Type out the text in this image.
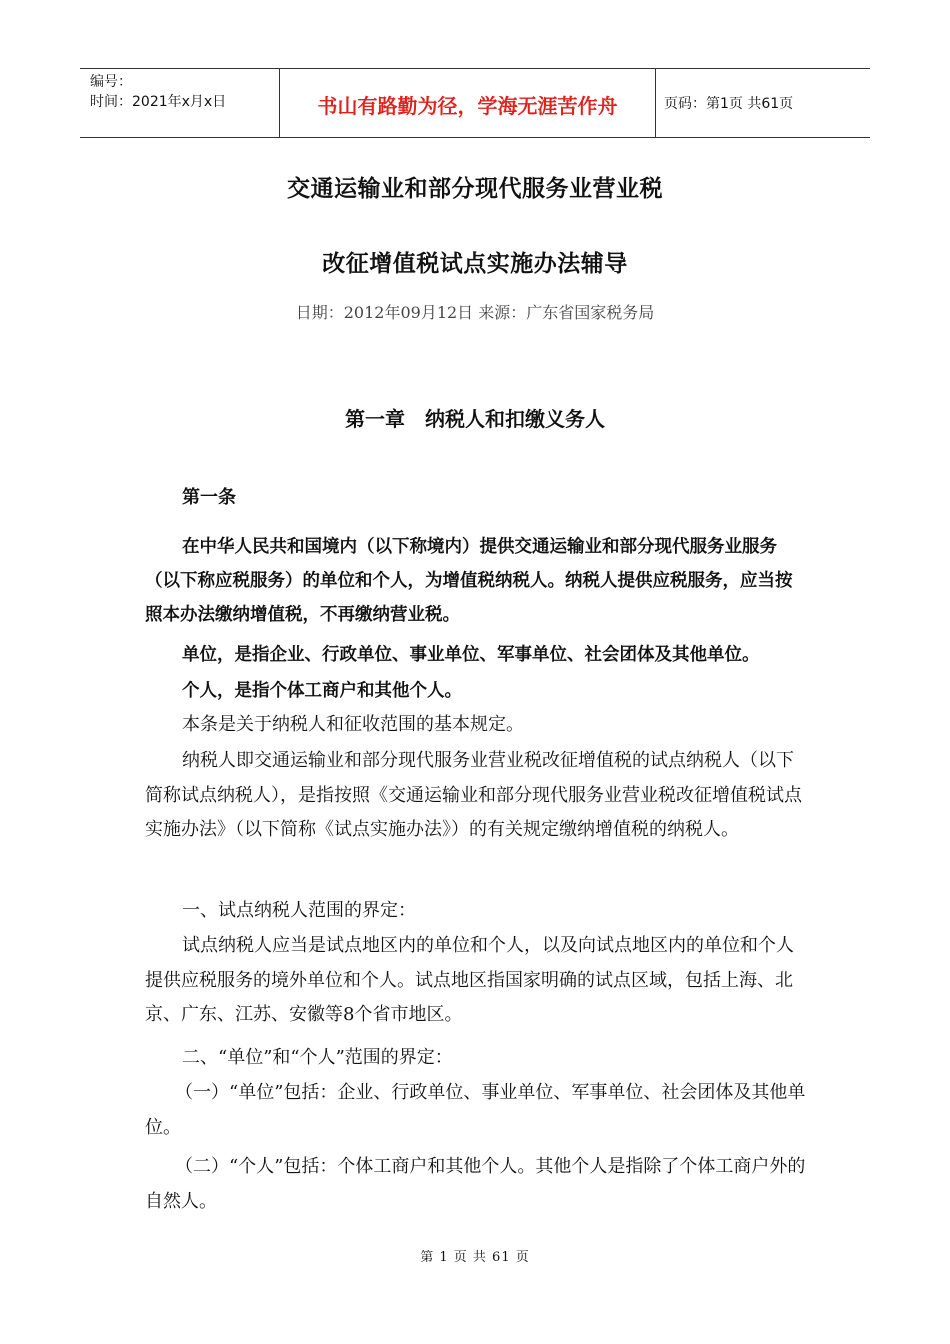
编号：
时间：2021年x月x日	书山有路勤为径，学海无涯苦作舟	页码：第1页 共61页
交通运输业和部分现代服务业营业税
改征增值税试点实施办法辅导
日期：2012年09月12日 来源：广东省国家税务局
第一章　纳税人和扣缴义务人
第一条

在中华人民共和国境内（以下称境内）提供交通运输业和部分现代服务业服务（以下称应税服务）的单位和个人，为增值税纳税人。纳税人提供应税服务，应当按照本办法缴纳增值税，不再缴纳营业税。

单位，是指企业、行政单位、事业单位、军事单位、社会团体及其他单位。

个人，是指个体工商户和其他个人。

本条是关于纳税人和征收范围的基本规定。

纳税人即交通运输业和部分现代服务业营业税改征增值税的试点纳税人（以下简称试点纳税人），是指按照《交通运输业和部分现代服务业营业税改征增值税试点实施办法》（以下简称《试点实施办法》）的有关规定缴纳增值税的纳税人。

一、试点纳税人范围的界定：

试点纳税人应当是试点地区内的单位和个人，以及向试点地区内的单位和个人提供应税服务的境外单位和个人。试点地区指国家明确的试点区域，包括上海、北京、广东、江苏、安徽等8个省市地区。

二、“单位”和“个人”范围的界定：

（一）“单位”包括：企业、行政单位、事业单位、军事单位、社会团体及其他单位。

（二）“个人”包括：个体工商户和其他个人。其他个人是指除了个体工商户外的自然人。

第 1 页 共 61 页
